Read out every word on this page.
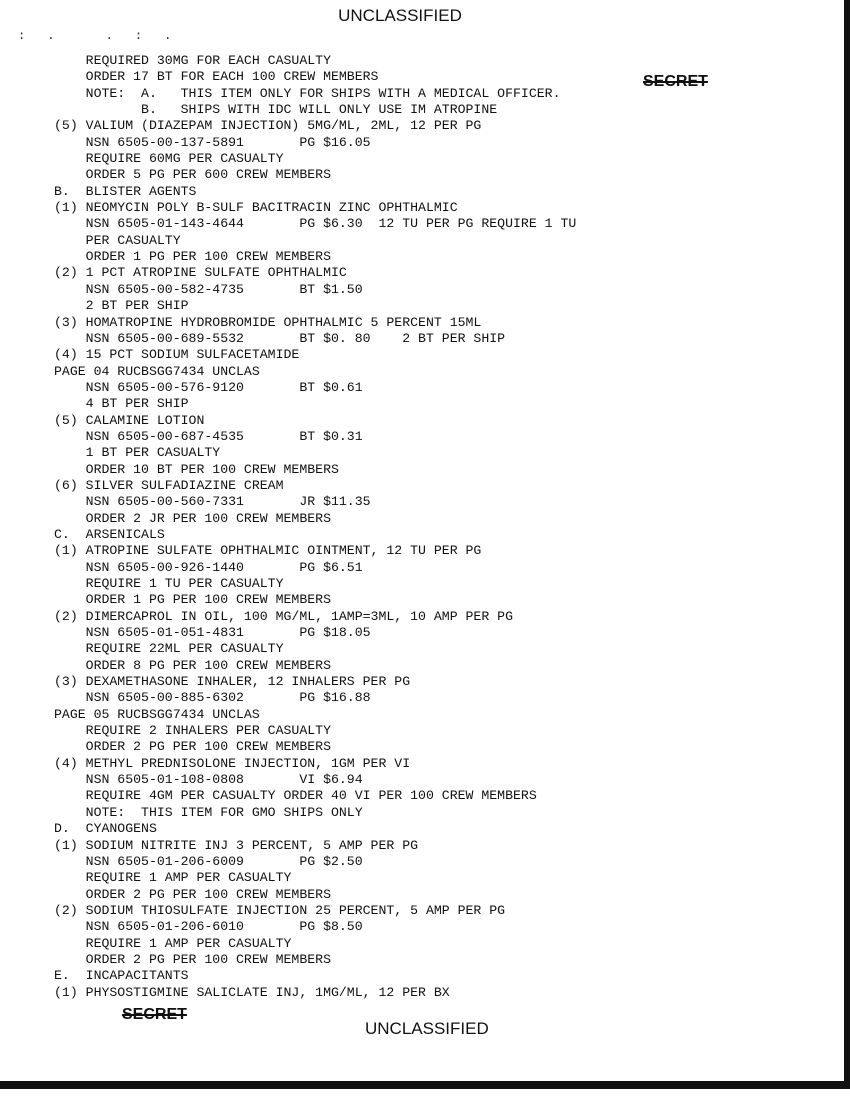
UNCLASSIFIED
:. .:.
SECRET
REQUIRED 30MG FOR EACH CASUALTY
ORDER 17 BT FOR EACH 100 CREW MEMBERS
NOTE:  A.   THIS ITEM ONLY FOR SHIPS WITH A MEDICAL OFFICER.
B.   SHIPS WITH IDC WILL ONLY USE IM ATROPINE
(5) VALIUM (DIAZEPAM INJECTION) 5MG/ML, 2ML, 12 PER PG
NSN 6505-00-137-5891       PG $16.05
REQUIRE 60MG PER CASUALTY
ORDER 5 PG PER 600 CREW MEMBERS
B.  BLISTER AGENTS
(1) NEOMYCIN POLY B-SULF BACITRACIN ZINC OPHTHALMIC
NSN 6505-01-143-4644       PG $6.30  12 TU PER PG REQUIRE 1 TU
PER CASUALTY
ORDER 1 PG PER 100 CREW MEMBERS
(2) 1 PCT ATROPINE SULFATE OPHTHALMIC
NSN 6505-00-582-4735       BT $1.50
2 BT PER SHIP
(3) HOMATROPINE HYDROBROMIDE OPHTHALMIC 5 PERCENT 15ML
NSN 6505-00-689-5532       BT $0. 80    2 BT PER SHIP
(4) 15 PCT SODIUM SULFACETAMIDE
PAGE 04 RUCBSGG7434 UNCLAS
NSN 6505-00-576-9120       BT $0.61
4 BT PER SHIP
(5) CALAMINE LOTION
NSN 6505-00-687-4535       BT $0.31
1 BT PER CASUALTY
ORDER 10 BT PER 100 CREW MEMBERS
(6) SILVER SULFADIAZINE CREAM
NSN 6505-00-560-7331       JR $11.35
ORDER 2 JR PER 100 CREW MEMBERS
C.  ARSENICALS
(1) ATROPINE SULFATE OPHTHALMIC OINTMENT, 12 TU PER PG
NSN 6505-00-926-1440       PG $6.51
REQUIRE 1 TU PER CASUALTY
ORDER 1 PG PER 100 CREW MEMBERS
(2) DIMERCAPROL IN OIL, 100 MG/ML, 1AMP=3ML, 10 AMP PER PG
NSN 6505-01-051-4831       PG $18.05
REQUIRE 22ML PER CASUALTY
ORDER 8 PG PER 100 CREW MEMBERS
(3) DEXAMETHASONE INHALER, 12 INHALERS PER PG
NSN 6505-00-885-6302       PG $16.88
PAGE 05 RUCBSGG7434 UNCLAS
REQUIRE 2 INHALERS PER CASUALTY
ORDER 2 PG PER 100 CREW MEMBERS
(4) METHYL PREDNISOLONE INJECTION, 1GM PER VI
NSN 6505-01-108-0808       VI $6.94
REQUIRE 4GM PER CASUALTY ORDER 40 VI PER 100 CREW MEMBERS
NOTE:  THIS ITEM FOR GMO SHIPS ONLY
D.  CYANOGENS
(1) SODIUM NITRITE INJ 3 PERCENT, 5 AMP PER PG
NSN 6505-01-206-6009       PG $2.50
REQUIRE 1 AMP PER CASUALTY
ORDER 2 PG PER 100 CREW MEMBERS
(2) SODIUM THIOSULFATE INJECTION 25 PERCENT, 5 AMP PER PG
NSN 6505-01-206-6010       PG $8.50
REQUIRE 1 AMP PER CASUALTY
ORDER 2 PG PER 100 CREW MEMBERS
E.  INCAPACITANTS
(1) PHYSOSTIGMINE SALICLATE INJ, 1MG/ML, 12 PER BX
SECRET
UNCLASSIFIED
